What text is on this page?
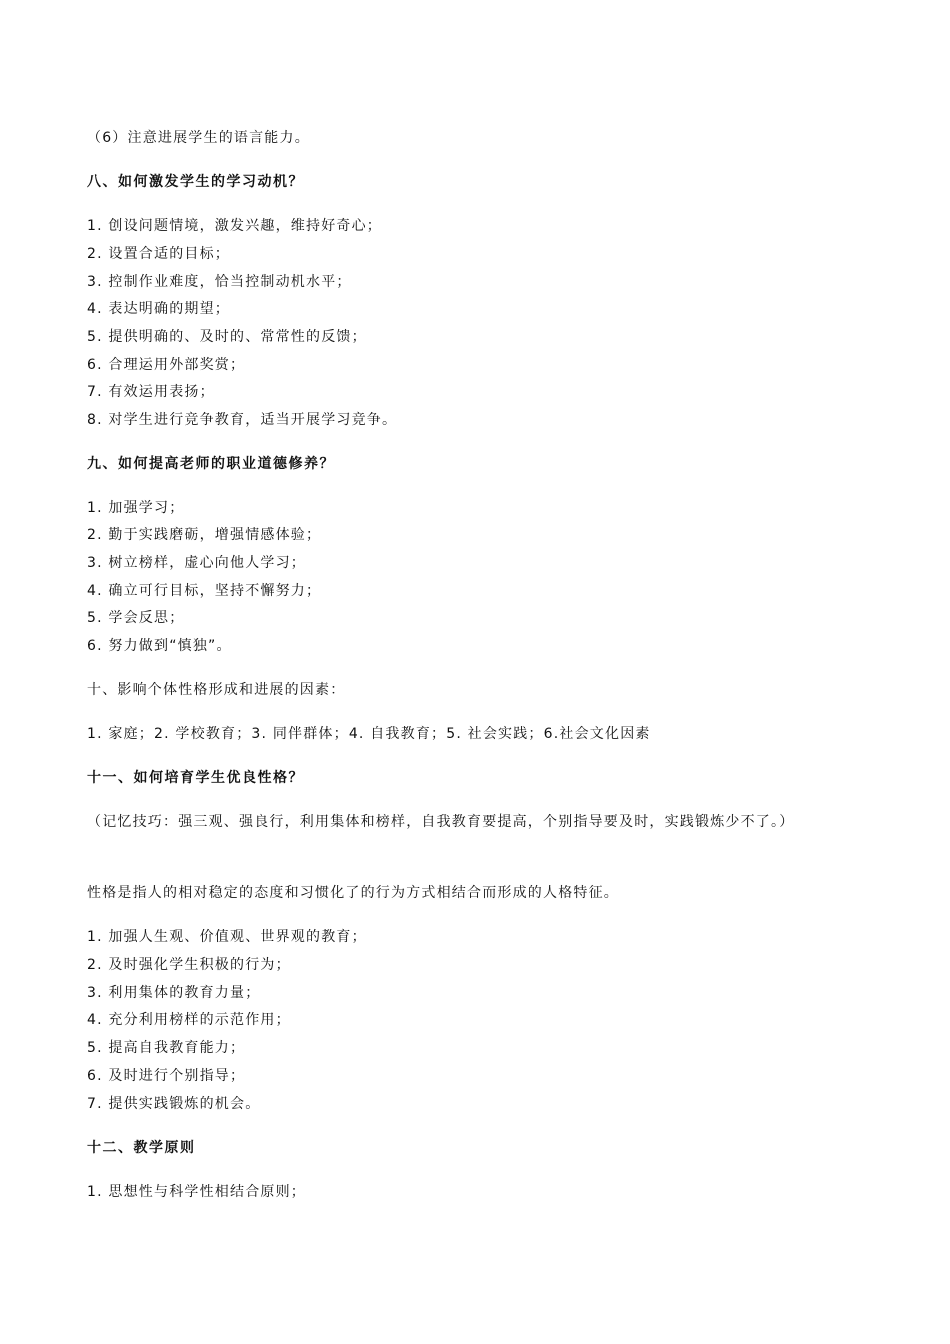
（6）注意进展学生的语言能力。
八、如何激发学生的学习动机？
1. 创设问题情境，激发兴趣，维持好奇心；
2. 设置合适的目标；
3. 控制作业难度，恰当控制动机水平；
4. 表达明确的期望；
5. 提供明确的、及时的、常常性的反馈；
6. 合理运用外部奖赏；
7. 有效运用表扬；
8. 对学生进行竞争教育，适当开展学习竞争。
九、如何提高老师的职业道德修养？
1. 加强学习；
2. 勤于实践磨砺，增强情感体验；
3. 树立榜样，虚心向他人学习；
4. 确立可行目标，坚持不懈努力；
5. 学会反思；
6. 努力做到“慎独”。
十、影响个体性格形成和进展的因素：
1. 家庭；2. 学校教育；3. 同伴群体；4. 自我教育；5. 社会实践；6.社会文化因素
十一、如何培育学生优良性格？
（记忆技巧：强三观、强良行，利用集体和榜样，自我教育要提高，个别指导要及时，实践锻炼少不了。）
性格是指人的相对稳定的态度和习惯化了的行为方式相结合而形成的人格特征。
1. 加强人生观、价值观、世界观的教育；
2. 及时强化学生积极的行为；
3. 利用集体的教育力量；
4. 充分利用榜样的示范作用；
5. 提高自我教育能力；
6. 及时进行个别指导；
7. 提供实践锻炼的机会。
十二、教学原则
1. 思想性与科学性相结合原则；
